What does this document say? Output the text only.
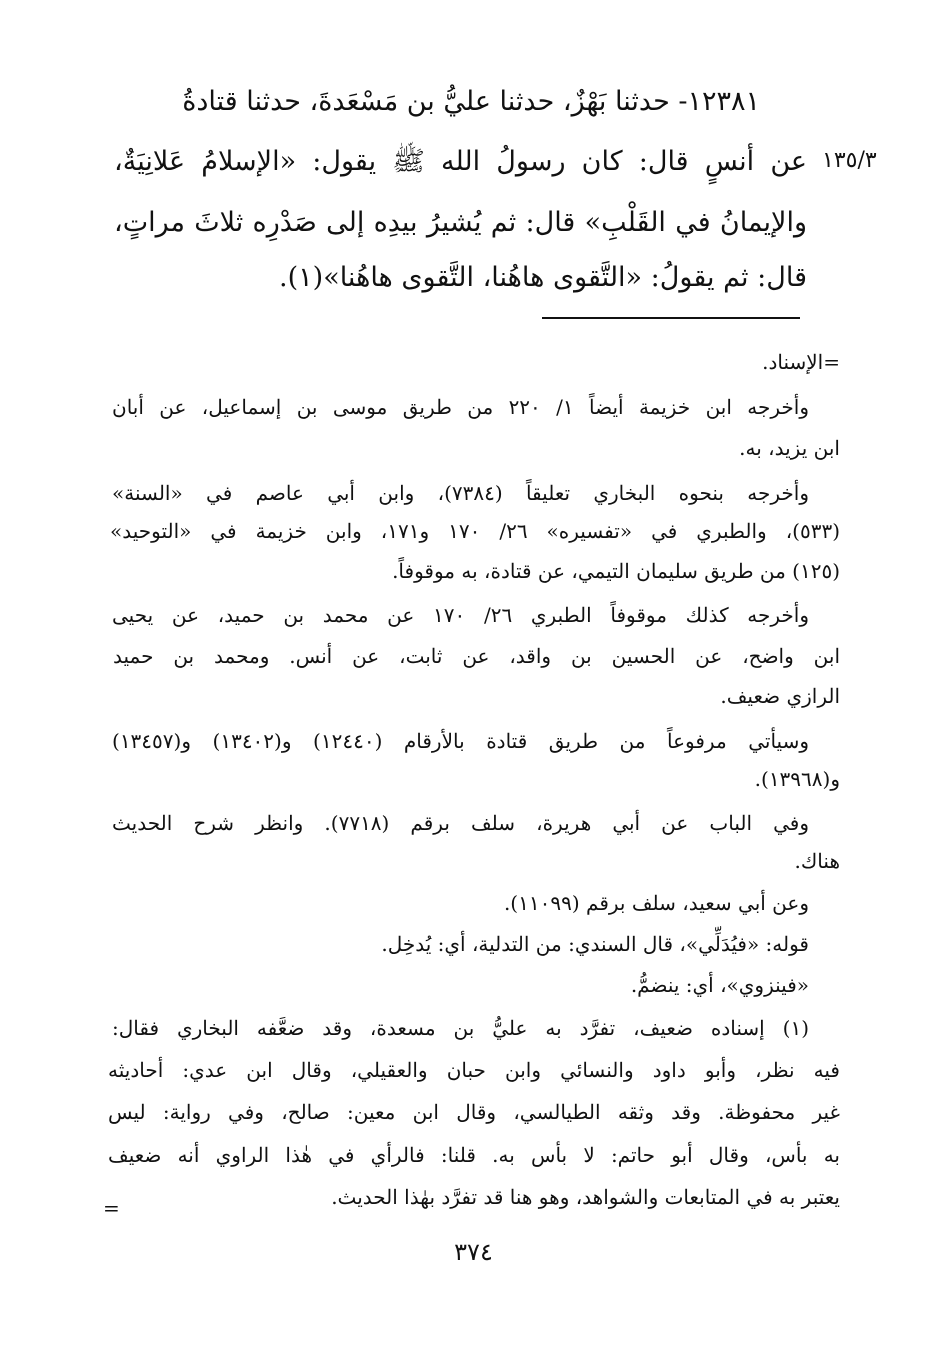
١٢٣٨١- حدثنا بَهْزٌ، حدثنا عليُّ بن مَسْعَدةَ، حدثنا قتادةُ
عن أنسٍ قال: كان رسولُ الله ﷺ يقول: «الإسلامُ عَلانِيَةٌ،
والإيمانُ في القَلْبِ» قال: ثم يُشيرُ بيدِه إلى صَدْرِه ثلاثَ مراتٍ،
قال: ثم يقولُ: «التَّقوى هاهُنا، التَّقوى هاهُنا»(١).
١٣٥/٣
=الإسناد.
وأخرجه ابن خزيمة أيضاً ١/ ٢٢٠ من طريق موسى بن إسماعيل، عن أبان
ابن يزيد، به.
وأخرجه بنحوه البخاري تعليقاً (٧٣٨٤)، وابن أبي عاصم في «السنة»
(٥٣٣)، والطبري في «تفسيره» ٢٦/ ١٧٠ و١٧١، وابن خزيمة في «التوحيد»
(١٢٥) من طريق سليمان التيمي، عن قتادة، به موقوفاً.
وأخرجه كذلك موقوفاً الطبري ٢٦/ ١٧٠ عن محمد بن حميد، عن يحيى
ابن واضح، عن الحسين بن واقد، عن ثابت، عن أنس. ومحمد بن حميد
الرازي ضعيف.
وسيأتي مرفوعاً من طريق قتادة بالأرقام (١٢٤٤٠) و(١٣٤٠٢) و(١٣٤٥٧)
و(١٣٩٦٨).
وفي الباب عن أبي هريرة، سلف برقم (٧٧١٨). وانظر شرح الحديث
هناك.
وعن أبي سعيد، سلف برقم (١١٠٩٩).
قوله: «فيُدَلِّي»، قال السندي: من التدلية، أي: يُدخِل.
«فينزوي»، أي: ينضمُّ.
(١) إسناده ضعيف، تفرَّد به عليُّ بن مسعدة، وقد ضعَّفه البخاري فقال:
فيه نظر، وأبو داود والنسائي وابن حبان والعقيلي، وقال ابن عدي: أحاديثه
غير محفوظة. وقد وثقه الطيالسي، وقال ابن معين: صالح، وفي رواية: ليس
به بأس، وقال أبو حاتم: لا بأس به. قلنا: فالرأي في هٰذا الراوي أنه ضعيف
يعتبر به في المتابعات والشواهد، وهو هنا قد تفرَّد بهٰذا الحديث.
=
٣٧٤
